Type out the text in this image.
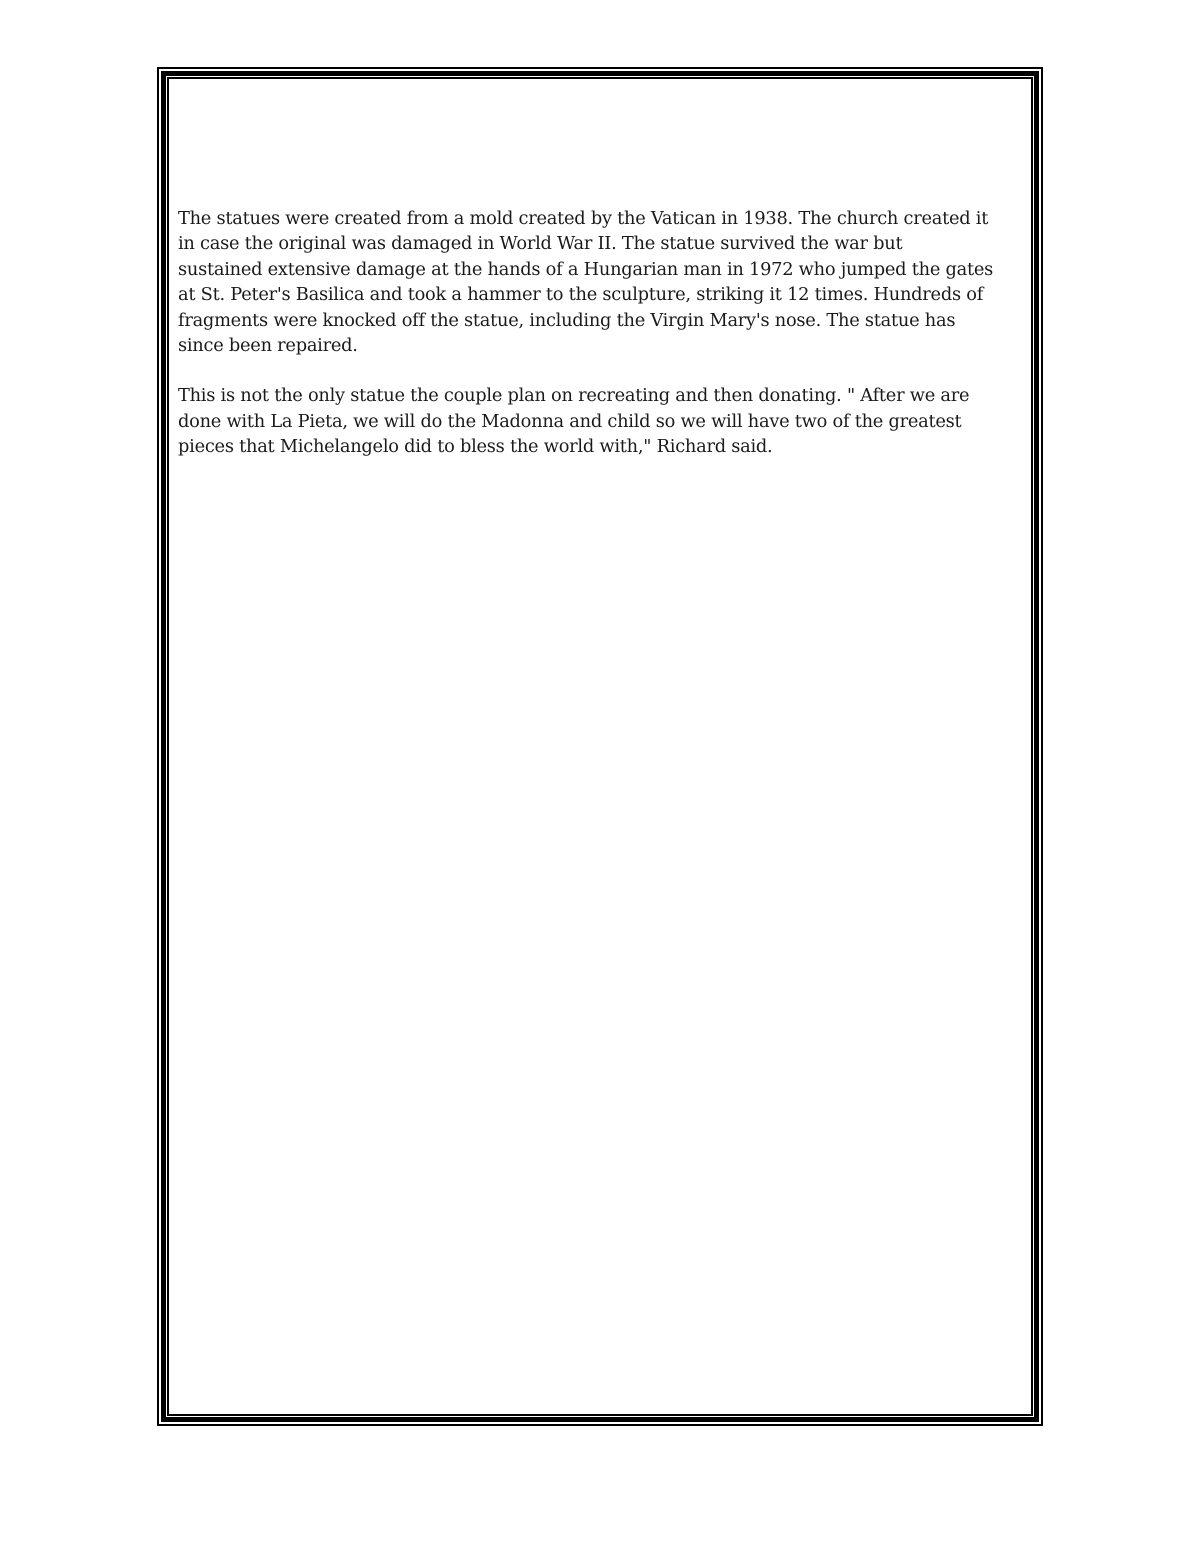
The statues were created from a mold created by the Vatican in 1938. The church created it
in case the original was damaged in World War II. The statue survived the war but
sustained extensive damage at the hands of a Hungarian man in 1972 who jumped the gates
at St. Peter's Basilica and took a hammer to the sculpture, striking it 12 times. Hundreds of
fragments were knocked off the statue, including the Virgin Mary's nose. The statue has
since been repaired.

This is not the only statue the couple plan on recreating and then donating. " After we are
done with La Pieta, we will do the Madonna and child so we will have two of the greatest
pieces that Michelangelo did to bless the world with," Richard said.
